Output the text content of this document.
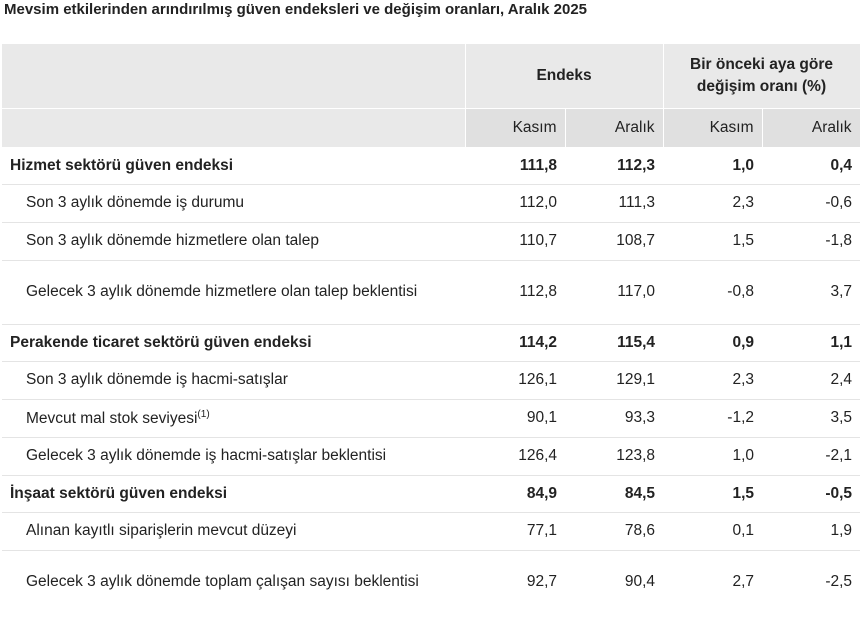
Mevsim etkilerinden arındırılmış güven endeksleri ve değişim oranları, Aralık 2025
	Endeks		Bir önceki aya göre
değişim oranı (%)	
	Kasım	Aralık	Kasım	Aralık
Hizmet sektörü güven endeksi	111,8	112,3	1,0	0,4
Son 3 aylık dönemde iş durumu	112,0	111,3	2,3	-0,6
Son 3 aylık dönemde hizmetlere olan talep	110,7	108,7	1,5	-1,8
Gelecek 3 aylık dönemde hizmetlere olan talep beklentisi	112,8	117,0	-0,8	3,7
Perakende ticaret sektörü güven endeksi	114,2	115,4	0,9	1,1
Son 3 aylık dönemde iş hacmi-satışlar	126,1	129,1	2,3	2,4
Mevcut mal stok seviyesi$^{(1)}$	90,1	93,3	-1,2	3,5
Gelecek 3 aylık dönemde iş hacmi-satışlar beklentisi	126,4	123,8	1,0	-2,1
İnşaat sektörü güven endeksi	84,9	84,5	1,5	-0,5
Alınan kayıtlı siparişlerin mevcut düzeyi	77,1	78,6	0,1	1,9
Gelecek 3 aylık dönemde toplam çalışan sayısı beklentisi	92,7	90,4	2,7	-2,5
